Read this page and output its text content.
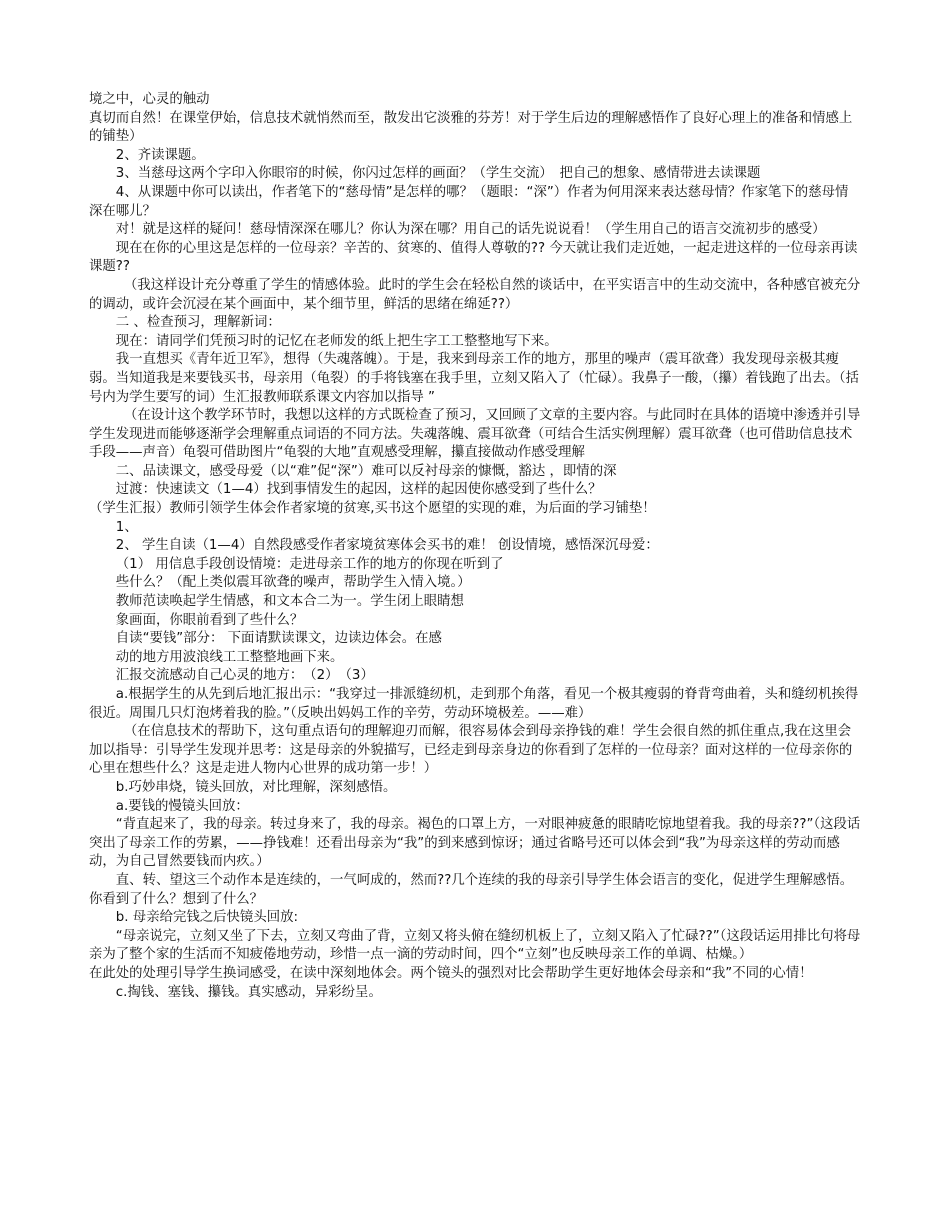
境之中，心灵的触动

真切而自然！在课堂伊始，信息技术就悄然而至，散发出它淡雅的芬芳！对于学生后边的理解感悟作了良好心理上的准备和情感上的铺垫）

2、齐读课题。

3、当慈母这两个字印入你眼帘的时候，你闪过怎样的画面？（学生交流）　把自己的想象、感情带进去读课题

4、从课题中你可以读出，作者笔下的“慈母情”是怎样的哪？（题眼：“深”）作者为何用深来表达慈母情？作家笔下的慈母情深在哪儿？

对！就是这样的疑问！慈母情深深在哪儿？你认为深在哪？用自己的话先说说看！（学生用自己的语言交流初步的感受）

现在在你的心里这是怎样的一位母亲？辛苦的、贫寒的、值得人尊敬的?? 今天就让我们走近她，一起走进这样的一位母亲再读课题??

（我这样设计充分尊重了学生的情感体验。此时的学生会在轻松自然的谈话中，在平实语言中的生动交流中，各种感官被充分的调动，或许会沉浸在某个画面中，某个细节里，鲜活的思绪在绵延??）

二 、检查预习，理解新词：

现在：请同学们凭预习时的记忆在老师发的纸上把生字工工整整地写下来。

我一直想买《青年近卫军》，想得（失魂落魄）。于是，我来到母亲工作的地方，那里的噪声（震耳欲聋）我发现母亲极其瘦弱。当知道我是来要钱买书，母亲用（龟裂）的手将钱塞在我手里，立刻又陷入了（忙碌）。我鼻子一酸，（攥）着钱跑了出去。（括号内为学生要写的词）生汇报教师联系课文内容加以指导 ”

（在设计这个教学环节时，我想以这样的方式既检查了预习，又回顾了文章的主要内容。与此同时在具体的语境中渗透并引导学生发现进而能够逐渐学会理解重点词语的不同方法。失魂落魄、震耳欲聋（可结合生活实例理解）震耳欲聋（也可借助信息技术手段——声音）龟裂可借助图片“龟裂的大地”直观感受理解，攥直接做动作感受理解

二、品读课文，感受母爱（以“难”促“深”）难可以反衬母亲的慷慨，豁达 ，即情的深

过渡：快速读文（1—4）找到事情发生的起因，这样的起因使你感受到了些什么？

（学生汇报）教师引领学生体会作者家境的贫寒,买书这个愿望的实现的难，为后面的学习铺垫！

1、

2、 学生自读（1—4）自然段感受作者家境贫寒体会买书的难！ 创设情境，感悟深沉母爱：

（1） 用信息手段创设情境：走进母亲工作的地方的你现在听到了

些什么？（配上类似震耳欲聋的噪声，帮助学生入情入境。）

教师范读唤起学生情感，和文本合二为一。学生闭上眼睛想

象画面，你眼前看到了些什么？

自读“要钱”部分： 下面请默读课文，边读边体会。在感

动的地方用波浪线工工整整地画下来。

汇报交流感动自己心灵的地方：　（2）　（3）

a.根据学生的从先到后地汇报出示：“我穿过一排派缝纫机，走到那个角落，看见一个极其瘦弱的脊背弯曲着，头和缝纫机挨得很近。周围几只灯泡烤着我的脸。”（反映出妈妈工作的辛劳，劳动环境极差。——难）

（在信息技术的帮助下，这句重点语句的理解迎刃而解，很容易体会到母亲挣钱的难！学生会很自然的抓住重点,我在这里会加以指导：引导学生发现并思考：这是母亲的外貌描写，已经走到母亲身边的你看到了怎样的一位母亲？面对这样的一位母亲你的心里在想些什么？这是走进人物内心世界的成功第一步！）

b.巧妙串烧，镜头回放，对比理解，深刻感悟。

a.要钱的慢镜头回放：

“背直起来了，我的母亲。转过身来了，我的母亲。褐色的口罩上方，一对眼神疲惫的眼睛吃惊地望着我。我的母亲??”（这段话突出了母亲工作的劳累，——挣钱难！还看出母亲为“我”的到来感到惊讶；通过省略号还可以体会到“我”为母亲这样的劳动而感动，为自己冒然要钱而内疚。）

直、转、望这三个动作本是连续的，一气呵成的，然而??几个连续的我的母亲引导学生体会语言的变化，促进学生理解感悟。你看到了什么？想到了什么？

b. 母亲给完钱之后快镜头回放:

“母亲说完，立刻又坐了下去，立刻又弯曲了背，立刻又将头俯在缝纫机板上了，立刻又陷入了忙碌??”（这段话运用排比句将母亲为了整个家的生活而不知疲倦地劳动，珍惜一点一滴的劳动时间，四个“立刻”也反映母亲工作的单调、枯燥。）

在此处的处理引导学生换词感受，在读中深刻地体会。两个镜头的强烈对比会帮助学生更好地体会母亲和“我”不同的心情！

c.掏钱、塞钱、攥钱。真实感动，异彩纷呈。
